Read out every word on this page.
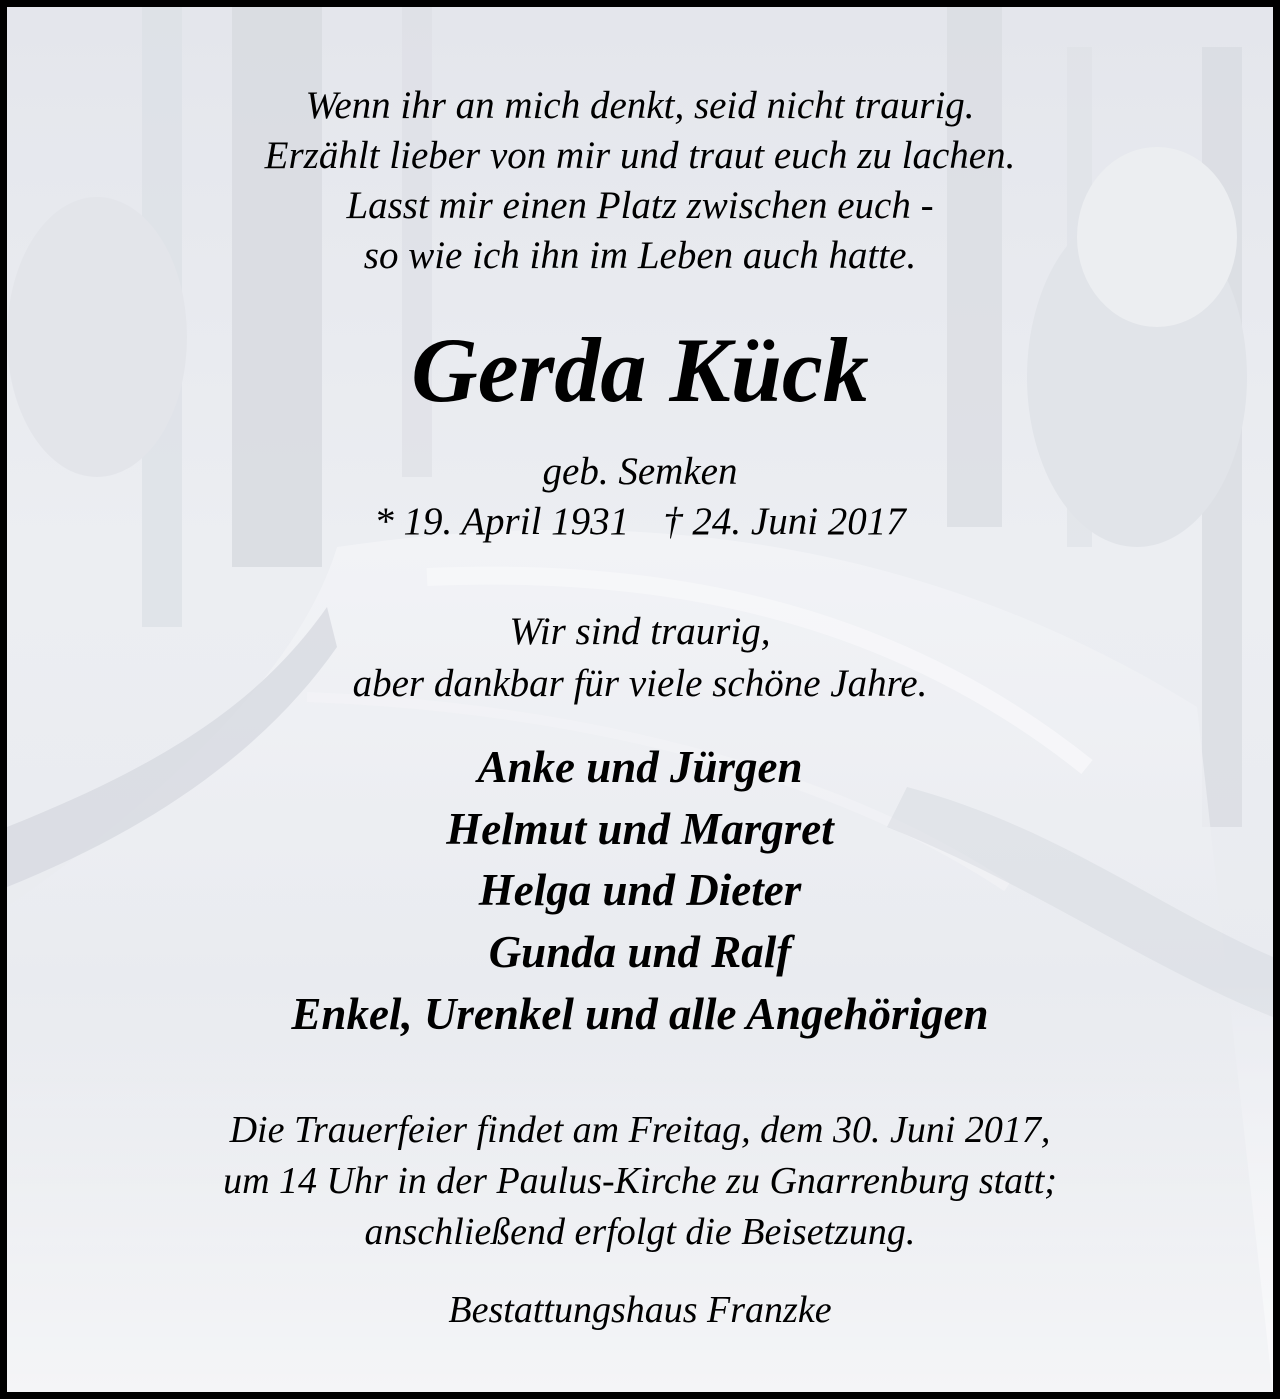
Wenn ihr an mich denkt, seid nicht traurig.
Erzählt lieber von mir und traut euch zu lachen.
Lasst mir einen Platz zwischen euch -
so wie ich ihn im Leben auch hatte.
Gerda Kück
geb. Semken
* 19. April 1931 † 24. Juni 2017
Wir sind traurig,
aber dankbar für viele schöne Jahre.
Anke und Jürgen
Helmut und Margret
Helga und Dieter
Gunda und Ralf
Enkel, Urenkel und alle Angehörigen
Die Trauerfeier findet am Freitag, dem 30. Juni 2017,
um 14 Uhr in der Paulus-Kirche zu Gnarrenburg statt;
anschließend erfolgt die Beisetzung.
Bestattungshaus Franzke
